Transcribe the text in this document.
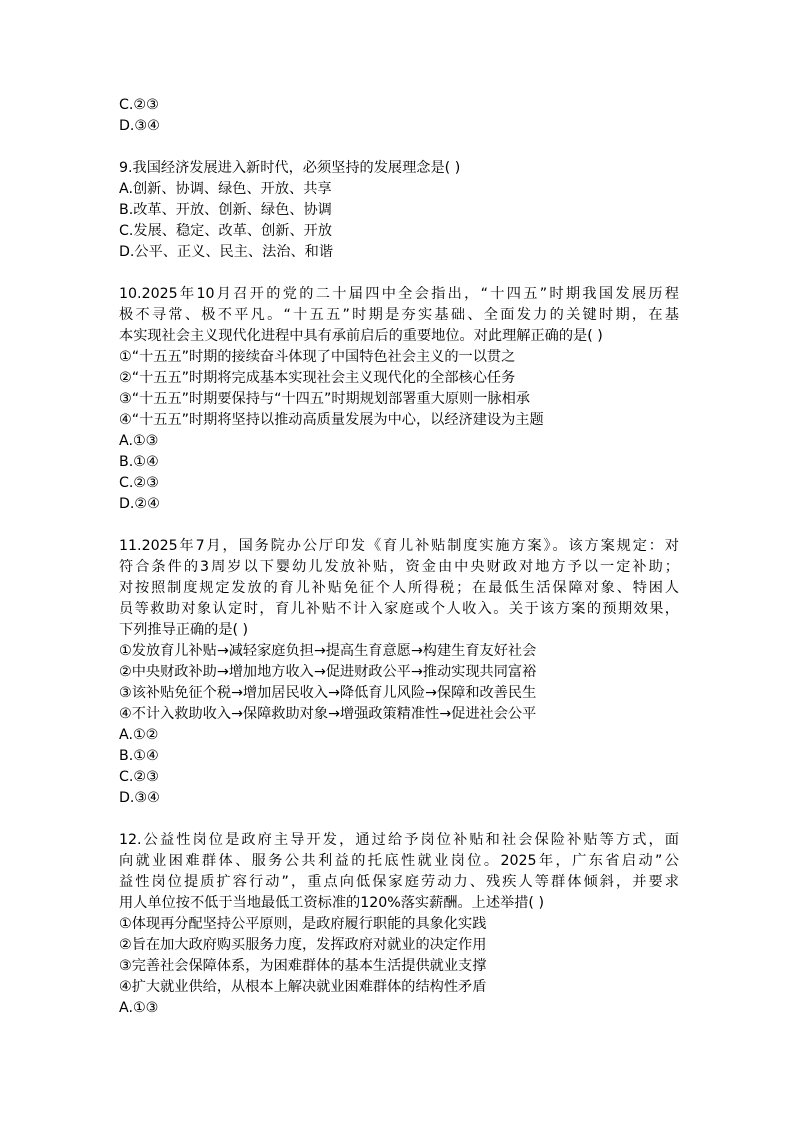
C.②③
D.③④
9.我国经济发展进入新时代，必须坚持的发展理念是( )
A.创新、协调、绿色、开放、共享
B.改革、开放、创新、绿色、协调
C.发展、稳定、改革、创新、开放
D.公平、正义、民主、法治、和谐
10.2025年10月召开的党的二十届四中全会指出，“十四五”时期我国发展历程
极不寻常、极不平凡。“十五五”时期是夯实基础、全面发力的关键时期，在基
本实现社会主义现代化进程中具有承前启后的重要地位。对此理解正确的是( )
①“十五五”时期的接续奋斗体现了中国特色社会主义的一以贯之
②“十五五”时期将完成基本实现社会主义现代化的全部核心任务
③“十五五”时期要保持与“十四五”时期规划部署重大原则一脉相承
④“十五五”时期将坚持以推动高质量发展为中心，以经济建设为主题
A.①③
B.①④
C.②③
D.②④
11.2025年7月，国务院办公厅印发《育儿补贴制度实施方案》。该方案规定：对
符合条件的3周岁以下婴幼儿发放补贴，资金由中央财政对地方予以一定补助；
对按照制度规定发放的育儿补贴免征个人所得税；在最低生活保障对象、特困人
员等救助对象认定时，育儿补贴不计入家庭或个人收入。关于该方案的预期效果，
下列推导正确的是( )
①发放育儿补贴→减轻家庭负担→提高生育意愿→构建生育友好社会
②中央财政补助→增加地方收入→促进财政公平→推动实现共同富裕
③该补贴免征个税→增加居民收入→降低育儿风险→保障和改善民生
④不计入救助收入→保障救助对象→增强政策精准性→促进社会公平
A.①②
B.①④
C.②③
D.③④
12.公益性岗位是政府主导开发，通过给予岗位补贴和社会保险补贴等方式，面
向就业困难群体、服务公共利益的托底性就业岗位。2025年，广东省启动”公
益性岗位提质扩容行动”，重点向低保家庭劳动力、残疾人等群体倾斜，并要求
用人单位按不低于当地最低工资标准的120%落实薪酬。上述举措( )
①体现再分配坚持公平原则，是政府履行职能的具象化实践
②旨在加大政府购买服务力度，发挥政府对就业的决定作用
③完善社会保障体系，为困难群体的基本生活提供就业支撑
④扩大就业供给，从根本上解决就业困难群体的结构性矛盾
A.①③
